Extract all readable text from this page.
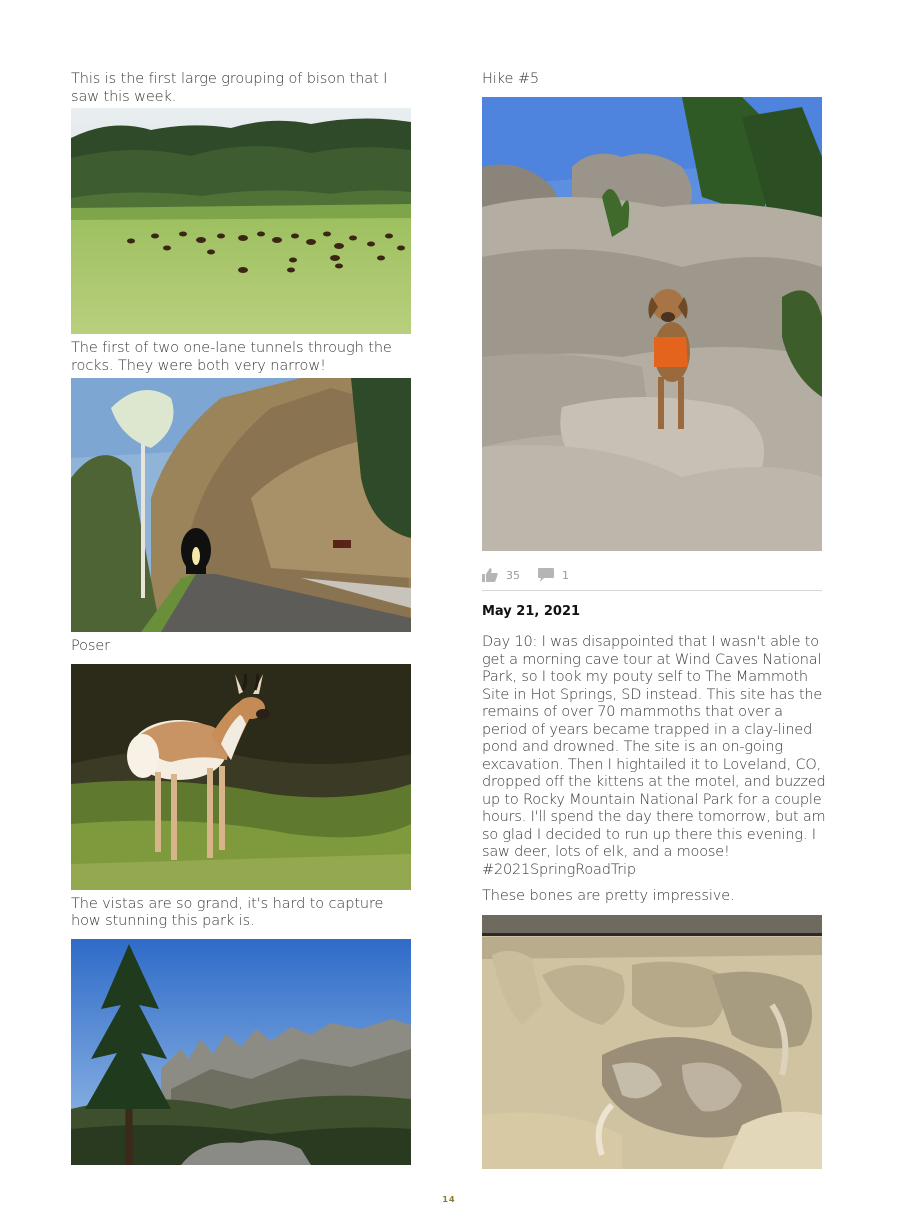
This is the first large grouping of bison that I saw this week.

The first of two one-lane tunnels through the rocks. They were both very narrow!

Poser

The vistas are so grand, it's hard to capture how stunning this park is.

Hike #5

35	1
May 21, 2021

Day 10: I was disappointed that I wasn't able to get a morning cave tour at Wind Caves National Park, so I took my pouty self to The Mammoth Site in Hot Springs, SD instead. This site has the remains of over 70 mammoths that over a period of years became trapped in a clay-lined pond and drowned. The site is an on-going excavation. Then I hightailed it to Loveland, CO, dropped off the kittens at the motel, and buzzed up to Rocky Mountain National Park for a couple hours. I'll spend the day there tomorrow, but am so glad I decided to run up there this evening. I saw deer, lots of elk, and a moose!

#2021SpringRoadTrip

These bones are pretty impressive.

14
